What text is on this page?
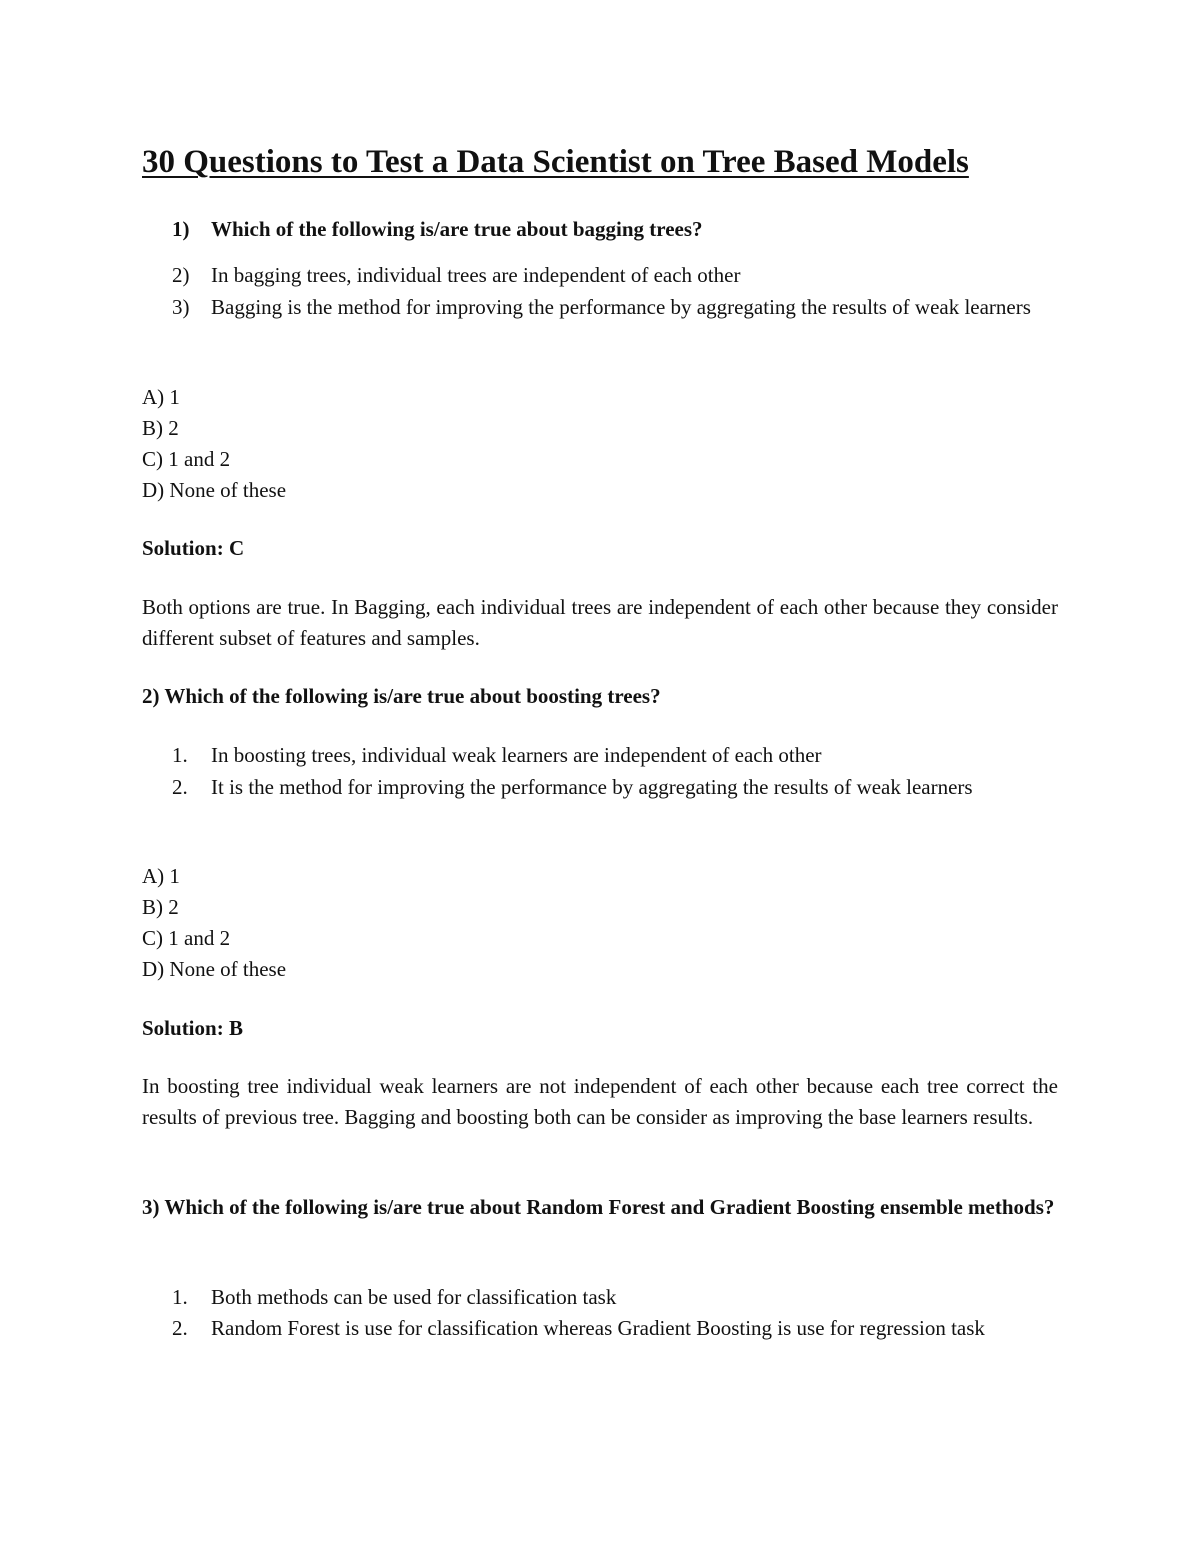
30 Questions to Test a Data Scientist on Tree Based Models
1)	Which of the following is/are true about bagging trees?
2)	In bagging trees, individual trees are independent of each other
3)	Bagging is the method for improving the performance by aggregating the results of weak learners
A) 1
B) 2
C) 1 and 2
D) None of these
Solution: C
Both options are true. In Bagging, each individual trees are independent of each other because they consider different subset of features and samples.
2) Which of the following is/are true about boosting trees?
1.	In boosting trees, individual weak learners are independent of each other
2.	It is the method for improving the performance by aggregating the results of weak learners
A) 1
B) 2
C) 1 and 2
D) None of these
Solution: B
In boosting tree individual weak learners are not independent of each other because each tree correct the results of previous tree. Bagging and boosting both can be consider as improving the base learners results.
3) Which of the following is/are true about Random Forest and Gradient Boosting ensemble methods?
1.	Both methods can be used for classification task
2.	Random Forest is use for classification whereas Gradient Boosting is use for regression task
